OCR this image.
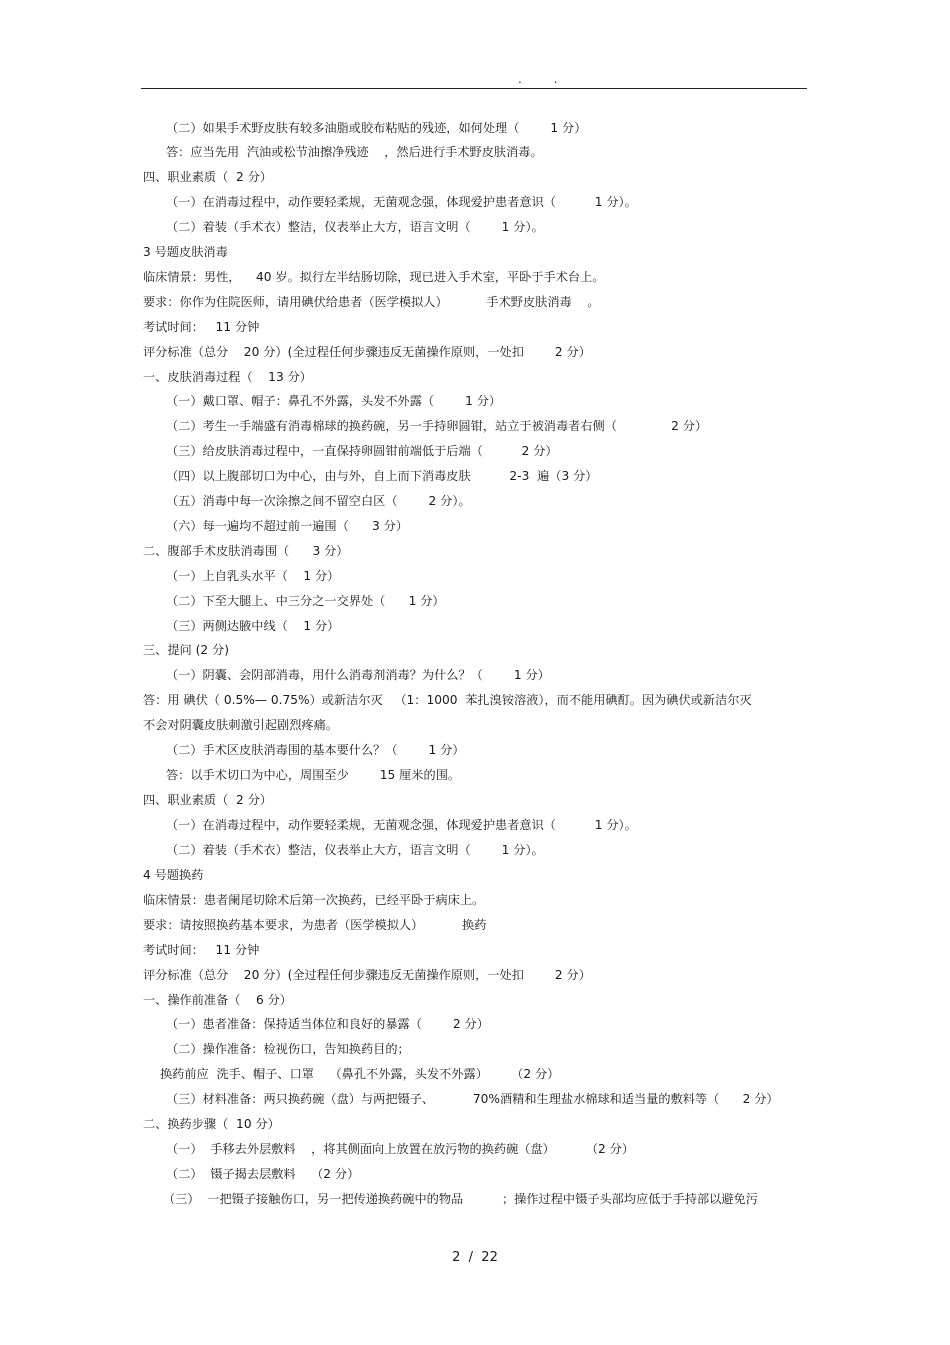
. .
（二）如果手术野皮肤有较多油脂或胶布粘贴的残迹，如何处理（        1 分）
答：应当先用  汽油或松节油擦净残迹    ，然后进行手术野皮肤消毒。
四、职业素质（  2 分）
（一）在消毒过程中，动作要轻柔规，无菌观念强，体现爱护患者意识（          1 分）。
（二）着装（手术衣）整洁，仪表举止大方，语言文明（        1 分）。
3 号题皮肤消毒
临床情景：男性，    40 岁。拟行左半结肠切除，现已进入手术室，平卧于手术台上。
要求：你作为住院医师，请用碘伏给患者（医学模拟人）          手术野皮肤消毒    。
考试时间：   11 分钟
评分标准（总分    20 分）(全过程任何步骤违反无菌操作原则，一处扣        2 分）
一、皮肤消毒过程（    13 分）
（一）戴口罩、帽子：鼻孔不外露，头发不外露（        1 分）
（二）考生一手端盛有消毒棉球的换药碗，另一手持卵圆钳，站立于被消毒者右侧（              2 分）
（三）给皮肤消毒过程中，一直保持卵圆钳前端低于后端（          2 分）
（四）以上腹部切口为中心，由与外，自上而下消毒皮肤          2-3  遍（3 分）
（五）消毒中每一次涂擦之间不留空白区（        2 分）。
（六）每一遍均不超过前一遍围（      3 分）
二、腹部手术皮肤消毒围（      3 分）
（一）上自乳头水平（    1 分）
（二）下至大腿上、中三分之一交界处（      1 分）
（三）两侧达腋中线（    1 分）
三、提问 (2 分)
（一）阴囊、会阴部消毒，用什么消毒剂消毒？为什么？（        1 分）
答：用 碘伏（ 0.5%— 0.75%）或新洁尔灭   （1：1000  苯扎溴铵溶液），而不能用碘酊。因为碘伏或新洁尔灭
不会对阴囊皮肤刺激引起剧烈疼痛。
（二）手术区皮肤消毒围的基本要什么？（        1 分）
答：以手术切口为中心，周围至少        15 厘米的围。
四、职业素质（  2 分）
（一）在消毒过程中，动作要轻柔规，无菌观念强，体现爱护患者意识（          1 分）。
（二）着装（手术衣）整洁，仪表举止大方，语言文明（        1 分）。
4 号题换药
临床情景：患者阑尾切除术后第一次换药，已经平卧于病床上。
要求：请按照换药基本要求，为患者（医学模拟人）          换药
考试时间：   11 分钟
评分标准（总分    20 分）(全过程任何步骤违反无菌操作原则，一处扣        2 分）
一、操作前准备（    6 分）
（一）患者准备：保持适当体位和良好的暴露（        2 分）
（二）操作准备：检视伤口，告知换药目的；
换药前应  洗手、帽子、口罩    （鼻孔不外露，头发不外露）      （2 分）
（三）材料准备：两只换药碗（盘）与两把镊子、          70%酒精和生理盐水棉球和适当量的敷料等（      2 分）
二、换药步骤（  10 分）
（一）  手移去外层敷料    ，将其侧面向上放置在放污物的换药碗（盘）        （2 分）
（二）  镊子揭去层敷料    （2 分）
（三）  一把镊子接触伤口，另一把传递换药碗中的物品          ；操作过程中镊子头部均应低于手持部以避免污
2  /  22
